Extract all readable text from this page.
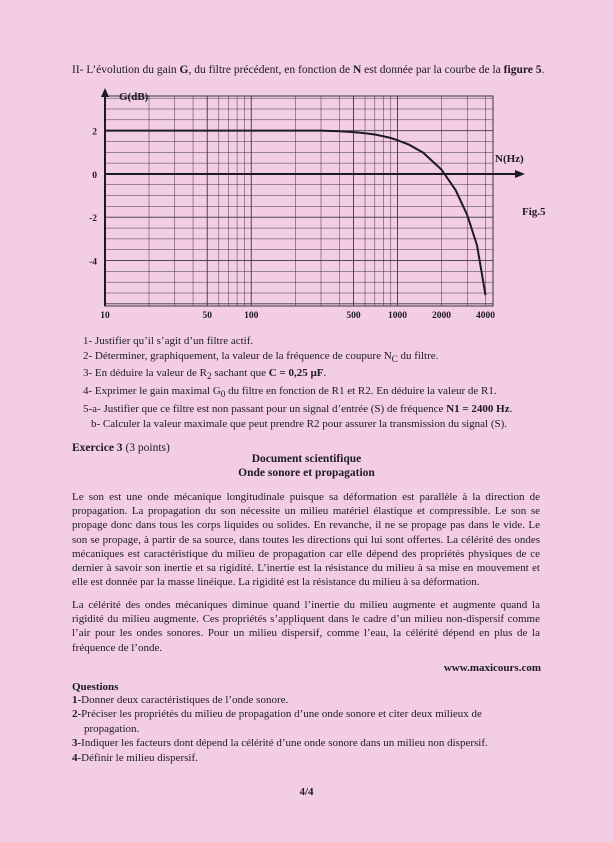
II- L’évolution du gain G, du filtre précédent, en fonction de N est donnée par la courbe de la figure 5.
G(dB)
N(Hz)
2
0
-2
-4
10	50	100	500	1000	2000	4000
Fig.5
1- Justifier qu’il s’agit d’un filtre actif.
2- Déterminer, graphiquement, la valeur de la fréquence de coupure $N_C$ du filtre.
3- En déduire la valeur de $R_2$ sachant que C = 0,25 µF.
4- Exprimer le gain maximal $G_0$ du filtre en fonction de R1 et R2. En déduire la valeur de R1.
5-a- Justifier que ce filtre est non passant pour un signal d’entrée (S) de fréquence N1 = 2400 Hz.
b- Calculer la valeur maximale que peut prendre R2 pour assurer la transmission du signal (S).
Exercice 3 (3 points)
Document scientifique
Onde sonore et propagation
Le son est une onde mécanique longitudinale puisque sa déformation est parallèle à la direction de propagation. La propagation du son nécessite un milieu matériel élastique et compressible. Le son se propage donc dans tous les corps liquides ou solides. En revanche, il ne se propage pas dans le vide. Le son se propage, à partir de sa source, dans toutes les directions qui lui sont offertes. La célérité des ondes mécaniques est caractéristique du milieu de propagation car elle dépend des propriétés physiques de ce dernier à savoir son inertie et sa rigidité. L’inertie est la résistance du milieu à sa mise en mouvement et elle est donnée par la masse linéique. La rigidité est la résistance du milieu à sa déformation.
La célérité des ondes mécaniques diminue quand l’inertie du milieu augmente et augmente quand la rigidité du milieu augmente. Ces propriétés s’appliquent dans le cadre d’un milieu non-dispersif comme l’air pour les ondes sonores. Pour un milieu dispersif, comme l’eau, la célérité dépend en plus de la fréquence de l’onde.
www.maxicours.com
Questions
1-Donner deux caractéristiques de l’onde sonore.
2-Préciser les propriétés du milieu de propagation d’une onde sonore et citer deux milieux de
propagation.
3-Indiquer les facteurs dont dépend la célérité d’une onde sonore dans un milieu non dispersif.
4-Définir le milieu dispersif.
4/4
